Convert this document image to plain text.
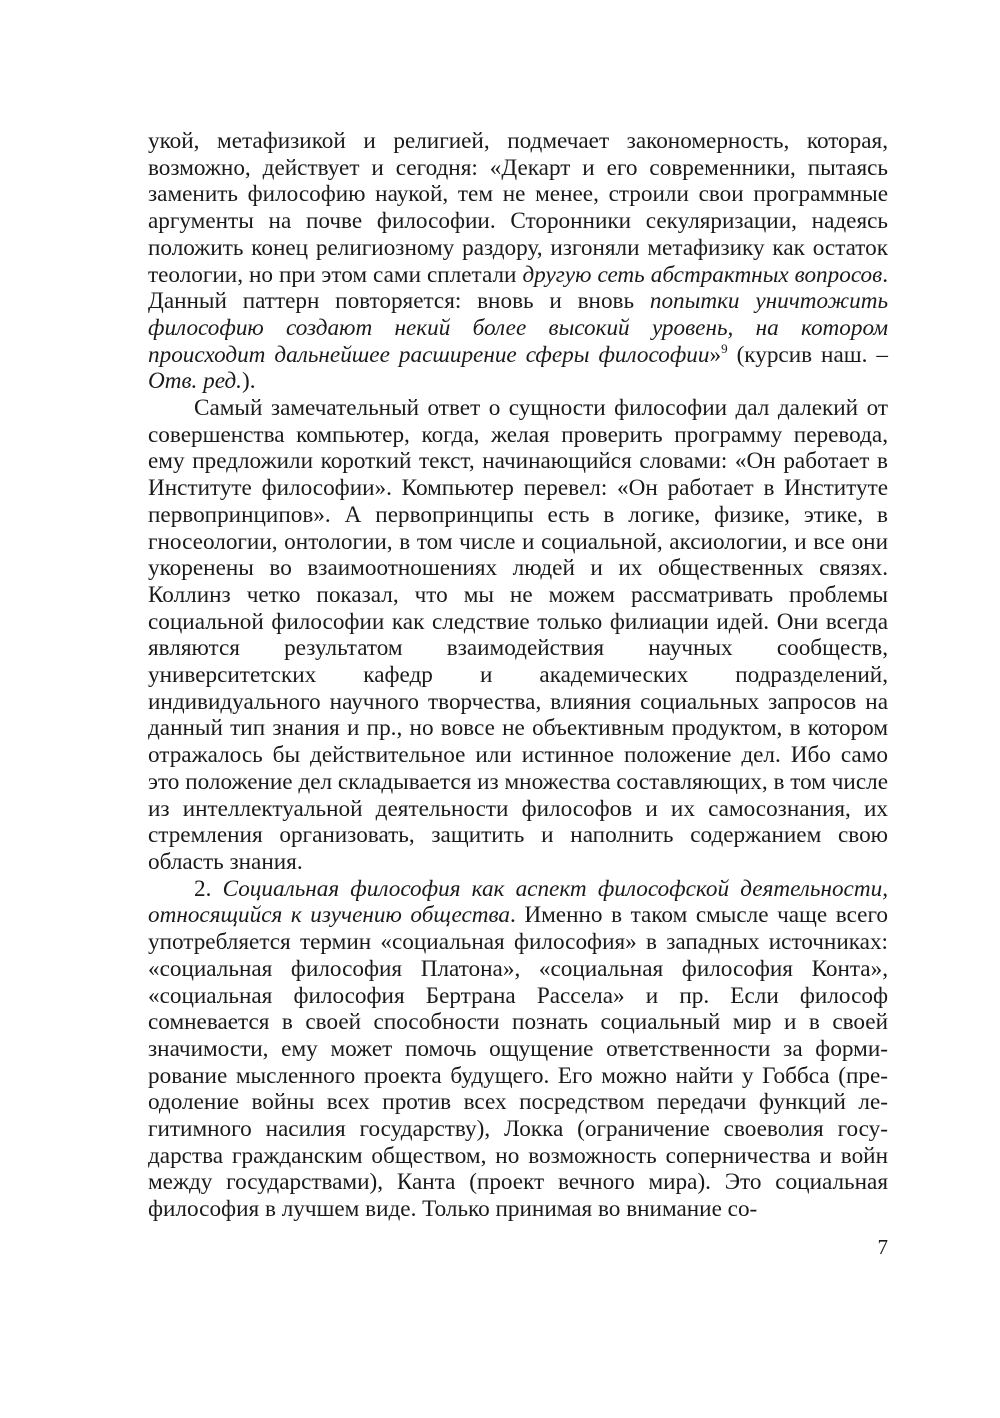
укой, метафизикой и религией, подмечает закономерность, которая, возможно, действует и сегодня: «Декарт и его современники, пытаясь заменить философию наукой, тем не менее, строили свои программные аргументы на почве философии. Сторонники секуляризации, надеясь положить конец религиозному раздору, изгоняли метафизику как остаток теологии, но при этом сами сплетали другую сеть абстрактных вопросов. Данный паттерн повторяется: вновь и вновь попытки уничтожить философию создают некий более высокий уровень, на котором происходит дальнейшее расширение сферы философии»$^9$ (курсив наш. – Отв. ред.).

Самый замечательный ответ о сущности философии дал далекий от совершенства компьютер, когда, желая проверить программу перевода, ему предложили короткий текст, начинающийся словами: «Он работает в Институте философии». Компьютер перевел: «Он работает в Институте первопринципов». А первопринципы есть в логике, физике, этике, в гносеологии, онтологии, в том числе и социальной, аксиологии, и все они укоренены во взаимоотношениях людей и их общественных связях. Коллинз четко показал, что мы не можем рассматривать проблемы социальной философии как следствие только филиации идей. Они всегда являются результатом взаимодействия научных сообществ, университетских кафедр и академических подразделений, индивидуального научного творчества, влияния социальных запросов на данный тип знания и пр., но вовсе не объективным продуктом, в котором отражалось бы действительное или истинное положение дел. Ибо само это положение дел складывается из множества составляющих, в том числе из интеллектуальной деятельности философов и их самосознания, их стремления организовать, защитить и наполнить содержанием свою область знания.

2. Социальная философия как аспект философской деятельности, относящийся к изучению общества. Именно в таком смысле чаще всего употребляется термин «социальная философия» в западных источниках: «социальная философия Платона», «социальная философия Конта», «социальная философия Бертрана Рассела» и пр. Если философ сомневается в своей способности познать социальный мир и в своей значимости, ему может помочь ощущение ответственности за формирование мысленного проекта будущего. Его можно найти у Гоббса (преодоление войны всех против всех посредством передачи функций легитимного насилия государству), Локка (ограничение своеволия государства гражданским обществом, но возможность соперничества и войн между государствами), Канта (проект вечного мира). Это социальная философия в лучшем виде. Только принимая во внимание со-

7
